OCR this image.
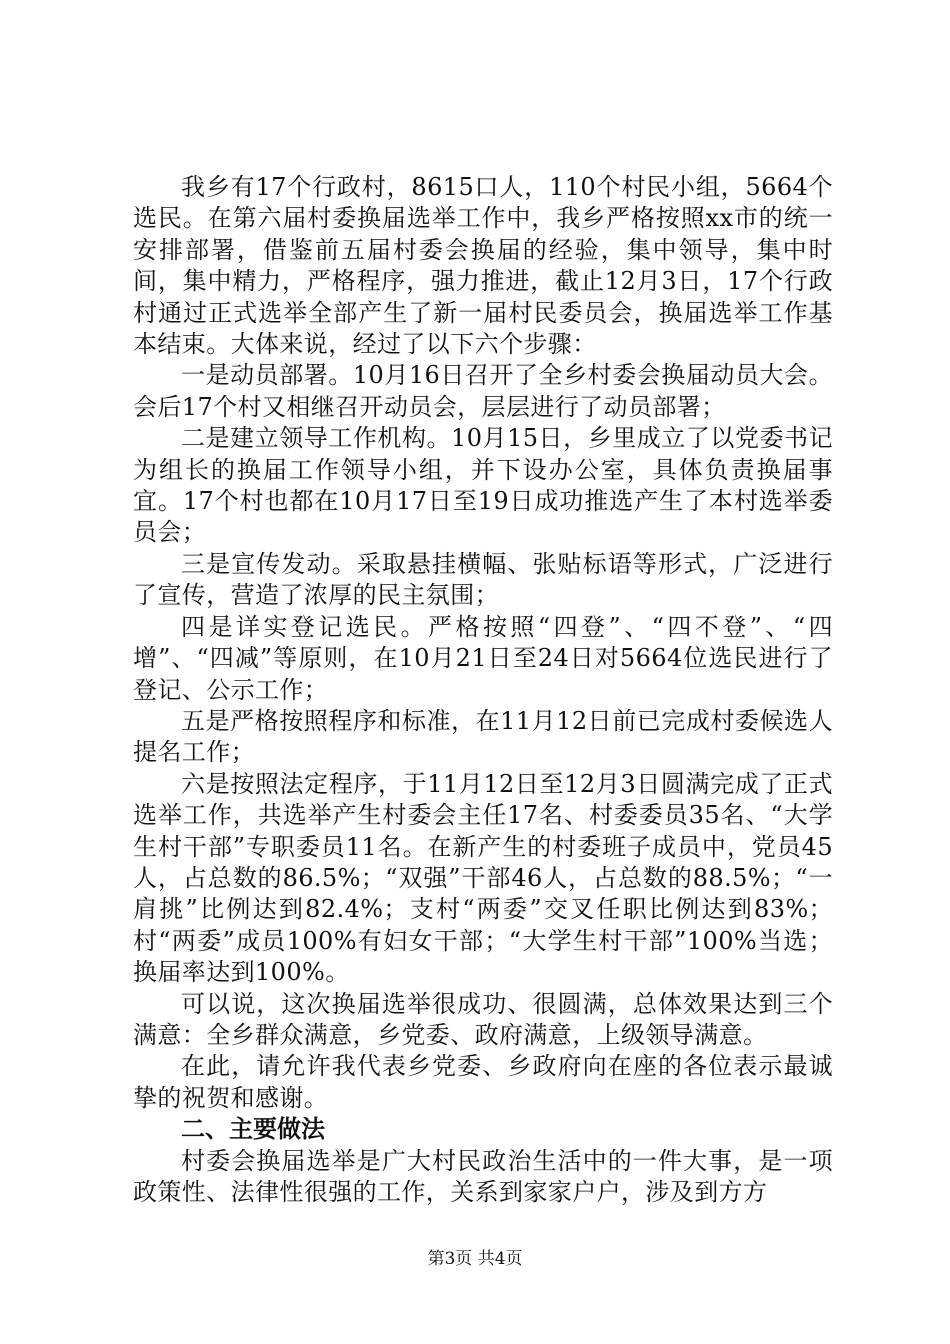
我乡有17个行政村，8615口人，110个村民小组，5664个选民。在第六届村委换届选举工作中，我乡严格按照xx市的统一安排部署，借鉴前五届村委会换届的经验，集中领导，集中时间，集中精力，严格程序，强力推进，截止12月3日，17个行政村通过正式选举全部产生了新一届村民委员会，换届选举工作基本结束。大体来说，经过了以下六个步骤：

一是动员部署。10月16日召开了全乡村委会换届动员大会。会后17个村又相继召开动员会，层层进行了动员部署；

二是建立领导工作机构。10月15日，乡里成立了以党委书记为组长的换届工作领导小组，并下设办公室，具体负责换届事宜。17个村也都在10月17日至19日成功推选产生了本村选举委员会；

三是宣传发动。采取悬挂横幅、张贴标语等形式，广泛进行了宣传，营造了浓厚的民主氛围；

四是详实登记选民。严格按照“四登”、“四不登”、“四增”、“四减”等原则，在10月21日至24日对5664位选民进行了登记、公示工作；

五是严格按照程序和标准，在11月12日前已完成村委候选人提名工作；

六是按照法定程序，于11月12日至12月3日圆满完成了正式选举工作，共选举产生村委会主任17名、村委委员35名、“大学生村干部”专职委员11名。在新产生的村委班子成员中，党员45人，占总数的86.5%；“双强”干部46人，占总数的88.5%；“一肩挑”比例达到82.4%；支村“两委”交叉任职比例达到83%；村“两委”成员100%有妇女干部；“大学生村干部”100%当选；换届率达到100%。

可以说，这次换届选举很成功、很圆满，总体效果达到三个满意：全乡群众满意，乡党委、政府满意，上级领导满意。

在此，请允许我代表乡党委、乡政府向在座的各位表示最诚挚的祝贺和感谢。

二、主要做法

村委会换届选举是广大村民政治生活中的一件大事，是一项政策性、法律性很强的工作，关系到家家户户，涉及到方方

第3页 共4页
